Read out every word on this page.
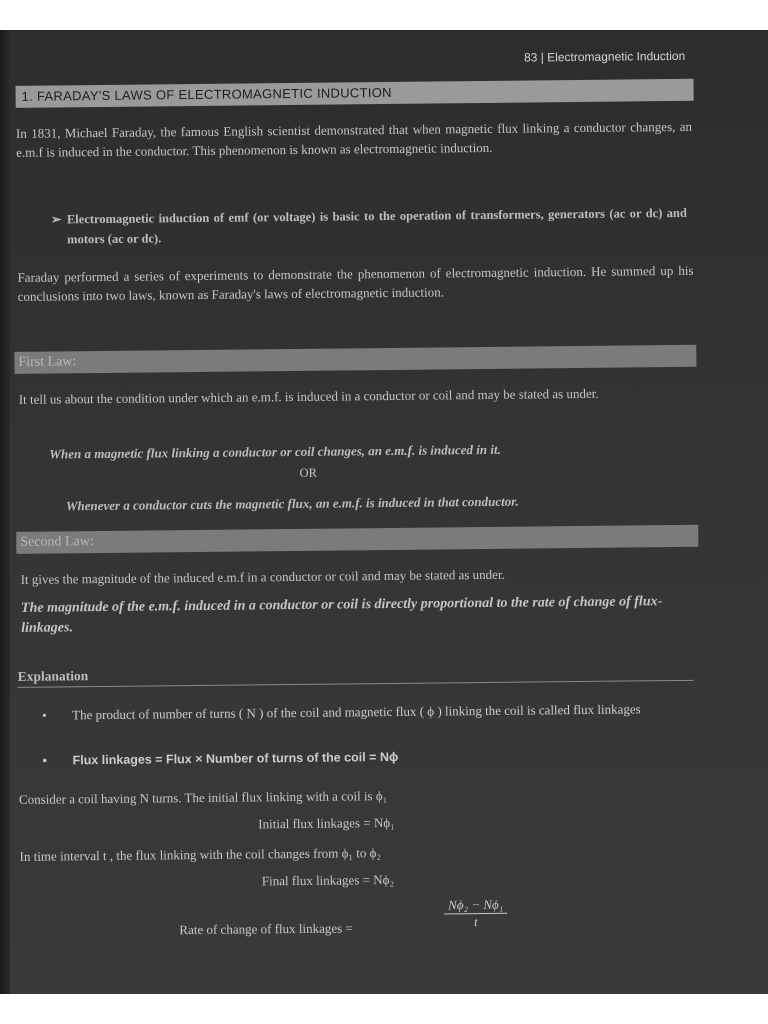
83 | Electromagnetic Induction
1. FARADAY'S LAWS OF ELECTROMAGNETIC INDUCTION
In 1831, Michael Faraday, the famous English scientist demonstrated that when magnetic flux linking a conductor changes, an e.m.f is induced in the conductor. This phenomenon is known as electromagnetic induction.
➢ Electromagnetic induction of emf (or voltage) is basic to the operation of transformers, generators (ac or dc) and motors (ac or dc).
Faraday performed a series of experiments to demonstrate the phenomenon of electromagnetic induction. He summed up his conclusions into two laws, known as Faraday's laws of electromagnetic induction.
First Law:
It tell us about the condition under which an e.m.f. is induced in a conductor or coil and may be stated as under.
When a magnetic flux linking a conductor or coil changes, an e.m.f. is induced in it.
OR
Whenever a conductor cuts the magnetic flux, an e.m.f. is induced in that conductor.
Second Law:
It gives the magnitude of the induced e.m.f in a conductor or coil and may be stated as under.
The magnitude of the e.m.f. induced in a conductor or coil is directly proportional to the rate of change of flux- linkages.
Explanation
• The product of number of turns ( N ) of the coil and magnetic flux ( ϕ ) linking the coil is called flux linkages
• Flux linkages = Flux × Number of turns of the coil = Nϕ
Consider a coil having N turns. The initial flux linking with a coil is ϕ₁
Initial flux linkages = Nϕ₁
In time interval t , the flux linking with the coil changes from ϕ₁ to ϕ₂
Final flux linkages = Nϕ₂
Rate of change of flux linkages =	$\frac{\text{Nϕ₂ − Nϕ₁}}{t}$
